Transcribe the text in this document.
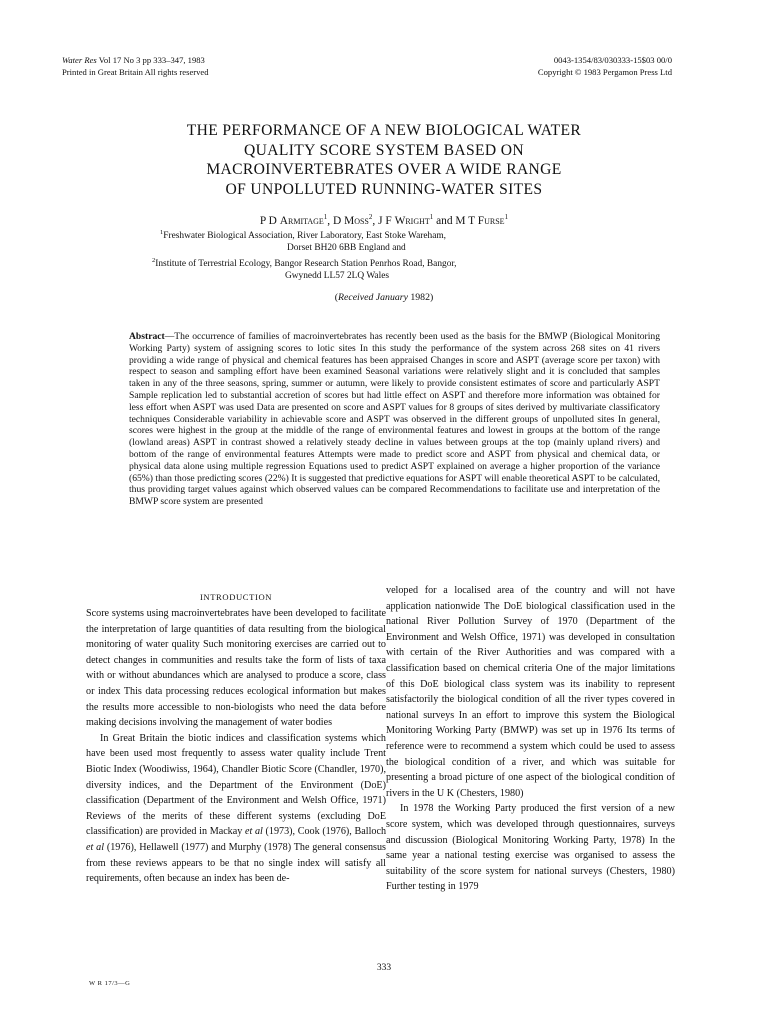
Water Res Vol 17 No 3 pp 333–347, 1983
Printed in Great Britain All rights reserved
0043-1354/83/030333-15$03 00/0
Copyright © 1983 Pergamon Press Ltd
THE PERFORMANCE OF A NEW BIOLOGICAL WATER
QUALITY SCORE SYSTEM BASED ON
MACROINVERTEBRATES OVER A WIDE RANGE
OF UNPOLLUTED RUNNING-WATER SITES
P D Armitage$^1$, D Moss$^2$, J F Wright$^1$ and M T Furse$^1$
$^1$Freshwater Biological Association, River Laboratory, East Stoke Wareham,
Dorset BH20 6BB England and
$^2$Institute of Terrestrial Ecology, Bangor Research Station Penrhos Road, Bangor,
Gwynedd LL57 2LQ Wales
(Received January 1982)
Abstract—The occurrence of families of macroinvertebrates has recently been used as the basis for the BMWP (Biological Monitoring Working Party) system of assigning scores to lotic sites In this study the performance of the system across 268 sites on 41 rivers providing a wide range of physical and chemical features has been appraised Changes in score and ASPT (average score per taxon) with respect to season and sampling effort have been examined Seasonal variations were relatively slight and it is concluded that samples taken in any of the three seasons, spring, summer or autumn, were likely to provide consistent estimates of score and particularly ASPT Sample replication led to substantial accretion of scores but had little effect on ASPT and therefore more information was obtained for less effort when ASPT was used Data are presented on score and ASPT values for 8 groups of sites derived by multivariate classificatory techniques Considerable variability in achievable score and ASPT was observed in the different groups of unpolluted sites In general, scores were highest in the group at the middle of the range of environmental features and lowest in groups at the bottom of the range (lowland areas) ASPT in contrast showed a relatively steady decline in values between groups at the top (mainly upland rivers) and bottom of the range of environmental features Attempts were made to predict score and ASPT from physical and chemical data, or physical data alone using multiple regression Equations used to predict ASPT explained on average a higher proportion of the variance (65%) than those predicting scores (22%) It is suggested that predictive equations for ASPT will enable theoretical ASPT to be calculated, thus providing target values against which observed values can be compared Recommendations to facilitate use and interpretation of the BMWP score system are presented
INTRODUCTION

Score systems using macroinvertebrates have been developed to facilitate the interpretation of large quantities of data resulting from the biological monitoring of water quality Such monitoring exercises are carried out to detect changes in communities and results take the form of lists of taxa with or without abundances which are analysed to produce a score, class or index This data processing reduces ecological information but makes the results more accessible to non-biologists who need the data before making decisions involving the management of water bodies

In Great Britain the biotic indices and classification systems which have been used most frequently to assess water quality include Trent Biotic Index (Woodiwiss, 1964), Chandler Biotic Score (Chandler, 1970), diversity indices, and the Department of the Environment (DoE) classification (Department of the Environment and Welsh Office, 1971) Reviews of the merits of these different systems (excluding DoE classification) are provided in Mackay et al (1973), Cook (1976), Balloch et al (1976), Hellawell (1977) and Murphy (1978) The general consensus from these reviews appears to be that no single index will satisfy all requirements, often because an index has been de-

veloped for a localised area of the country and will not have application nationwide The DoE biological classification used in the national River Pollution Survey of 1970 (Department of the Environment and Welsh Office, 1971) was developed in consultation with certain of the River Authorities and was compared with a classification based on chemical criteria One of the major limitations of this DoE biological class system was its inability to represent satisfactorily the biological condition of all the river types covered in national surveys In an effort to improve this system the Biological Monitoring Working Party (BMWP) was set up in 1976 Its terms of reference were to recommend a system which could be used to assess the biological condition of a river, and which was suitable for presenting a broad picture of one aspect of the biological condition of rivers in the U K (Chesters, 1980)

In 1978 the Working Party produced the first version of a new score system, which was developed through questionnaires, surveys and discussion (Biological Monitoring Working Party, 1978) In the same year a national testing exercise was organised to assess the suitability of the score system for national surveys (Chesters, 1980) Further testing in 1979

333
W R 17/3—G
